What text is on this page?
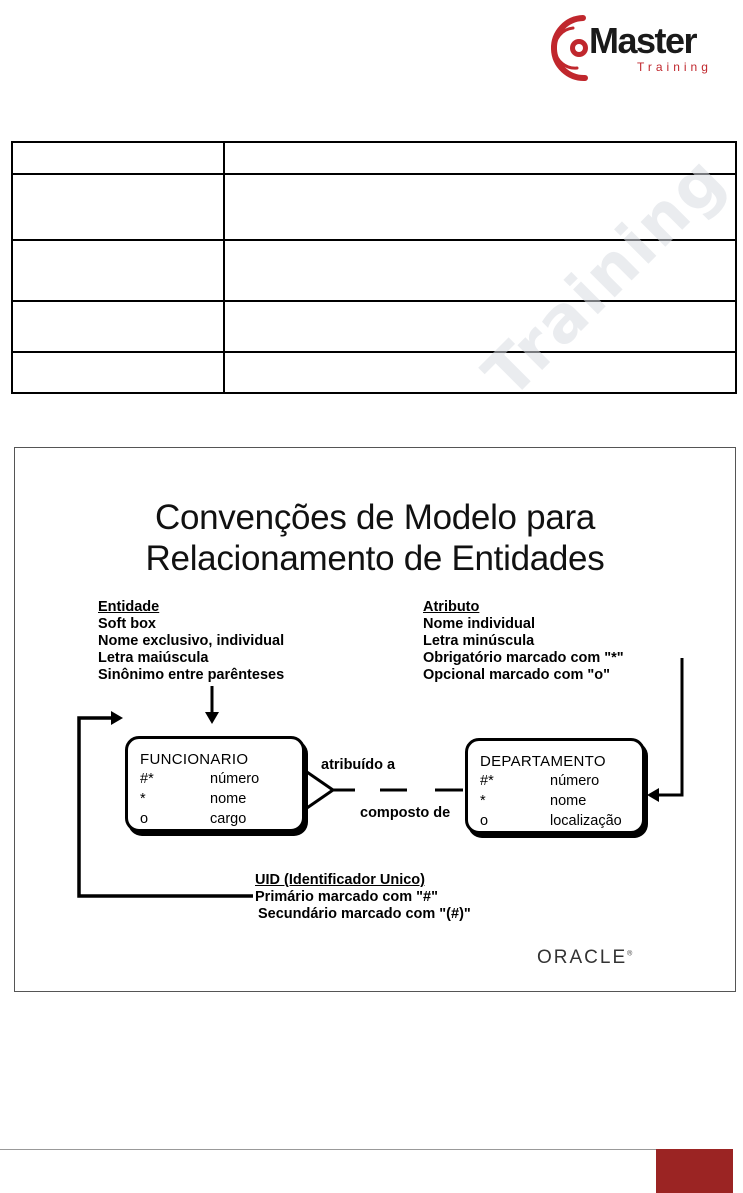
Master
Training

Training
Convenções de Modelo para
Relacionamento de Entidades
Entidade
Soft box
Nome exclusivo, individual
Letra maiúscula
Sinônimo entre parênteses
Atributo
Nome individual
Letra minúscula
Obrigatório marcado com "*"
Opcional marcado com "o"
FUNCIONARIO
#*	número
*	nome
o	cargo
DEPARTAMENTO
#*	número
*	nome
o	localização
atribuído a
composto de
UID (Identificador Unico)
Primário marcado com "#"
Secundário marcado com "(#)"
ORACLE®
